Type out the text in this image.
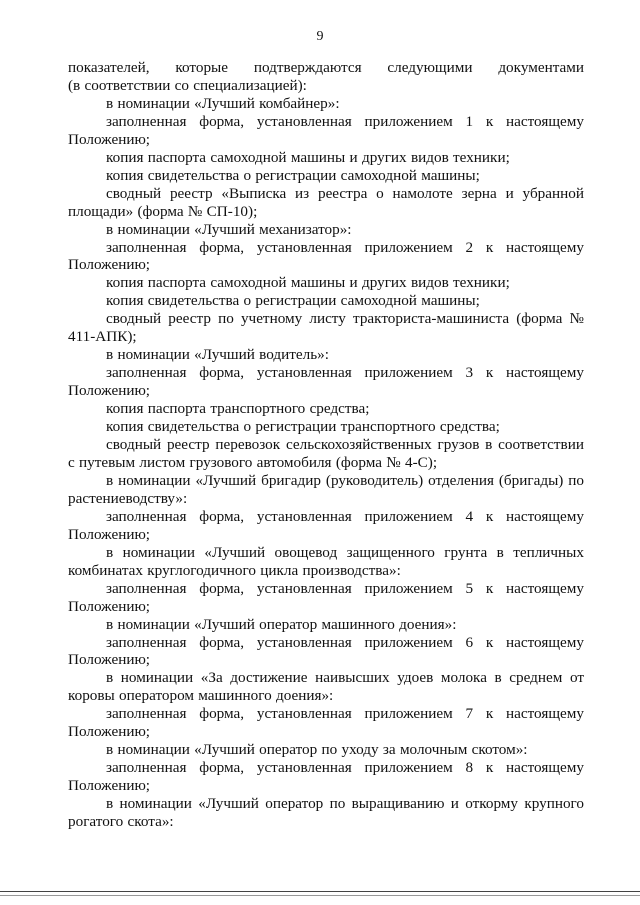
9

показателей, которые подтверждаются следующими документами

(в соответствии со специализацией):

в номинации «Лучший комбайнер»:

заполненная форма, установленная приложением 1 к настоящему Положению;

копия паспорта самоходной машины и других видов техники;

копия свидетельства о регистрации самоходной машины;

сводный реестр «Выписка из реестра о намолоте зерна и убранной площади» (форма № СП-10);

в номинации «Лучший механизатор»:

заполненная форма, установленная приложением 2 к настоящему Положению;

копия паспорта самоходной машины и других видов техники;

копия свидетельства о регистрации самоходной машины;

сводный реестр по учетному листу тракториста-машиниста (форма № 411-АПК);

в номинации «Лучший водитель»:

заполненная форма, установленная приложением 3 к настоящему Положению;

копия паспорта транспортного средства;

копия свидетельства о регистрации транспортного средства;

сводный реестр перевозок сельскохозяйственных грузов в соответствии с путевым листом грузового автомобиля (форма № 4-С);

в номинации «Лучший бригадир (руководитель) отделения (бригады) по растениеводству»:

заполненная форма, установленная приложением 4 к настоящему Положению;

в номинации «Лучший овощевод защищенного грунта в тепличных комбинатах круглогодичного цикла производства»:

заполненная форма, установленная приложением 5 к настоящему Положению;

в номинации «Лучший оператор машинного доения»:

заполненная форма, установленная приложением 6 к настоящему Положению;

в номинации «За достижение наивысших удоев молока в среднем от коровы оператором машинного доения»:

заполненная форма, установленная приложением 7 к настоящему Положению;

в номинации «Лучший оператор по уходу за молочным скотом»:

заполненная форма, установленная приложением 8 к настоящему Положению;

в номинации «Лучший оператор по выращиванию и откорму крупного рогатого скота»:
